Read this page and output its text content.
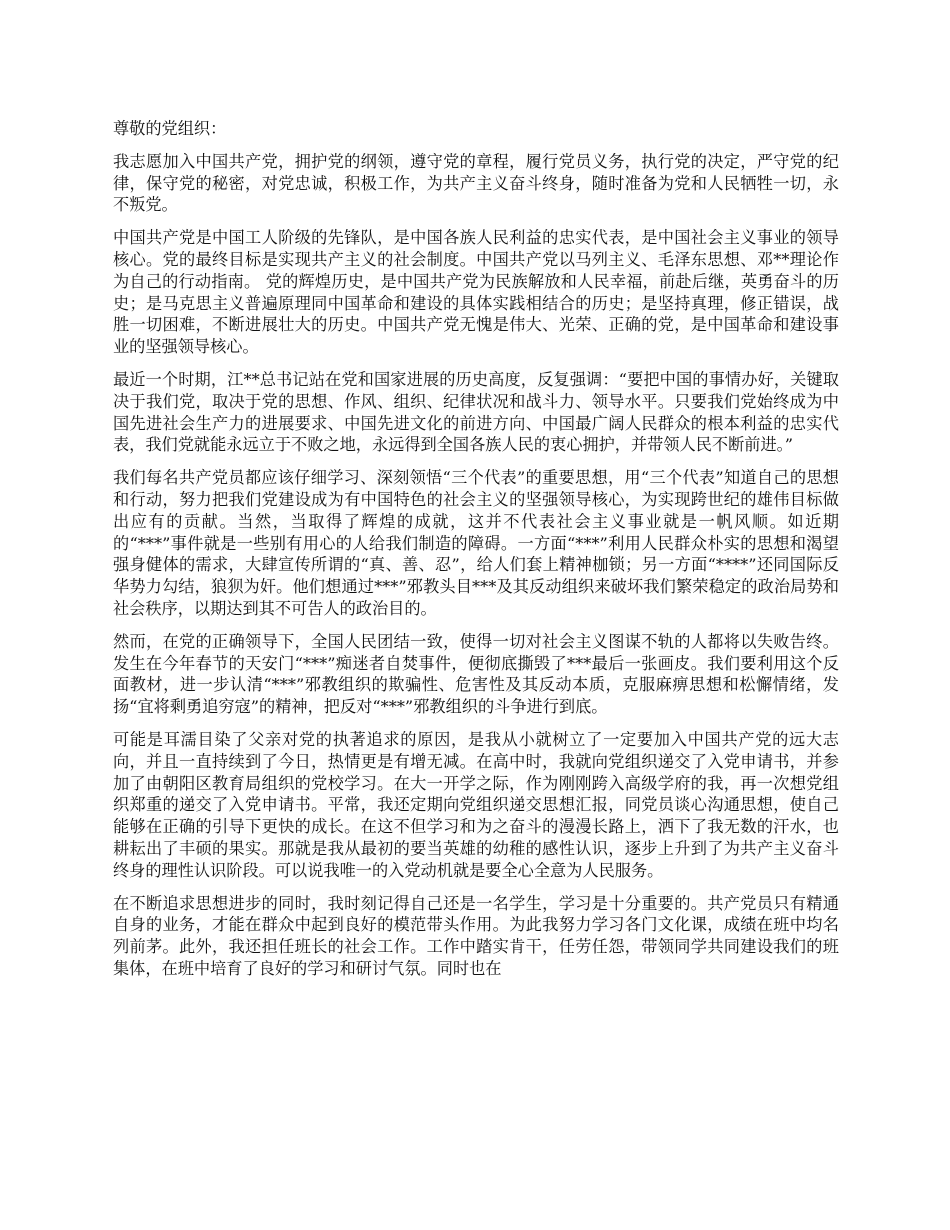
尊敬的党组织：

我志愿加入中国共产党，拥护党的纲领，遵守党的章程，履行党员义务，执行党的决定，严守党的纪律，保守党的秘密，对党忠诚，积极工作，为共产主义奋斗终身，随时准备为党和人民牺牲一切，永不叛党。

中国共产党是中国工人阶级的先锋队，是中国各族人民利益的忠实代表，是中国社会主义事业的领导核心。党的最终目标是实现共产主义的社会制度。中国共产党以马列主义、毛泽东思想、邓**理论作为自己的行动指南。 党的辉煌历史，是中国共产党为民族解放和人民幸福，前赴后继，英勇奋斗的历史；是马克思主义普遍原理同中国革命和建设的具体实践相结合的历史；是坚持真理，修正错误，战胜一切困难，不断进展壮大的历史。中国共产党无愧是伟大、光荣、正确的党，是中国革命和建设事业的坚强领导核心。

最近一个时期，江**总书记站在党和国家进展的历史高度，反复强调：“要把中国的事情办好，关键取决于我们党，取决于党的思想、作风、组织、纪律状况和战斗力、领导水平。只要我们党始终成为中国先进社会生产力的进展要求、中国先进文化的前进方向、中国最广阔人民群众的根本利益的忠实代表，我们党就能永远立于不败之地，永远得到全国各族人民的衷心拥护，并带领人民不断前进。”

我们每名共产党员都应该仔细学习、深刻领悟“三个代表”的重要思想，用“三个代表”知道自己的思想和行动，努力把我们党建设成为有中国特色的社会主义的坚强领导核心，为实现跨世纪的雄伟目标做出应有的贡献。当然，当取得了辉煌的成就，这并不代表社会主义事业就是一帆风顺。如近期的“***”事件就是一些别有用心的人给我们制造的障碍。一方面“***”利用人民群众朴实的思想和渴望强身健体的需求，大肆宣传所谓的“真、善、忍”，给人们套上精神枷锁；另一方面“****”还同国际反华势力勾结，狼狈为奸。他们想通过***”邪教头目***及其反动组织来破坏我们繁荣稳定的政治局势和社会秩序，以期达到其不可告人的政治目的。

然而，在党的正确领导下，全国人民团结一致，使得一切对社会主义图谋不轨的人都将以失败告终。发生在今年春节的天安门“***”痴迷者自焚事件，便彻底撕毁了***最后一张画皮。我们要利用这个反面教材，进一步认清“***”邪教组织的欺骗性、危害性及其反动本质，克服麻痹思想和松懈情绪，发扬“宜将剩勇追穷寇”的精神，把反对“***”邪教组织的斗争进行到底。

可能是耳濡目染了父亲对党的执著追求的原因，是我从小就树立了一定要加入中国共产党的远大志向，并且一直持续到了今日，热情更是有增无减。在高中时，我就向党组织递交了入党申请书，并参加了由朝阳区教育局组织的党校学习。在大一开学之际，作为刚刚跨入高级学府的我，再一次想党组织郑重的递交了入党申请书。平常，我还定期向党组织递交思想汇报，同党员谈心沟通思想，使自己能够在正确的引导下更快的成长。在这不但学习和为之奋斗的漫漫长路上，洒下了我无数的汗水，也耕耘出了丰硕的果实。那就是我从最初的要当英雄的幼稚的感性认识，逐步上升到了为共产主义奋斗终身的理性认识阶段。可以说我唯一的入党动机就是要全心全意为人民服务。

在不断追求思想进步的同时，我时刻记得自己还是一名学生，学习是十分重要的。共产党员只有精通自身的业务，才能在群众中起到良好的模范带头作用。为此我努力学习各门文化课，成绩在班中均名列前茅。此外，我还担任班长的社会工作。工作中踏实肯干，任劳任怨，带领同学共同建设我们的班集体，在班中培育了良好的学习和研讨气氛。同时也在
